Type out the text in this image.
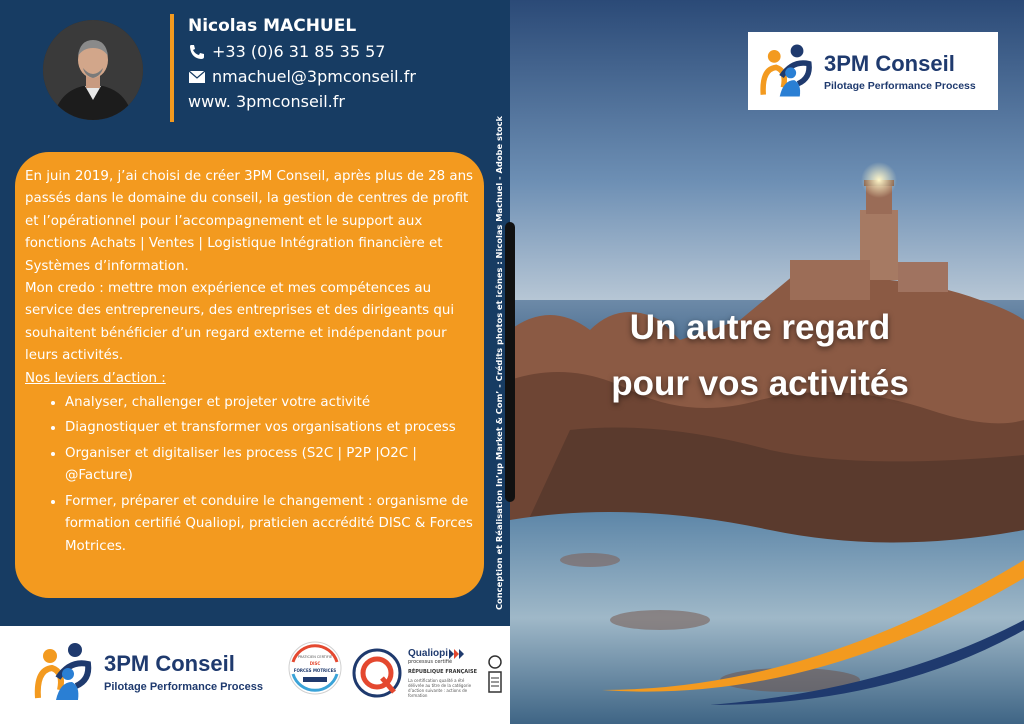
Nicolas MACHUEL
+33 (0)6 31 85 35 57
nmachuel@3pmconseil.fr
www. 3pmconseil.fr

En juin 2019, j’ai choisi de créer 3PM Conseil, après plus de 28 ans passés dans le domaine du conseil, la gestion de centres de profit et l’opérationnel pour l’accompagnement et le support aux fonctions Achats | Ventes | Logistique Intégration financière et Systèmes d’information.

Mon credo : mettre mon expérience et mes compétences au service des entrepreneurs, des entreprises et des dirigeants qui souhaitent bénéficier d’un regard externe et indépendant pour leurs activités.

Nos leviers d’action :

• Analyser, challenger et projeter votre activité
• Diagnostiquer et transformer vos organisations et process
• Organiser et digitaliser les process (S2C | P2P |O2C | @Facture)
• Former, préparer et conduire le changement : organisme de formation certifié Qualiopi, praticien accrédité DISC & Forces Motrices.	Conception et Réalisation In’up Market & Com’ - Crédits photos et icônes : Nicolas Machuel - Adobe stock
3PM Conseil
Pilotage Performance Process
PRATICIEN CERTIFIÉ
DISC
FORCES MOTRICES
Qualiopi
processus certifié
RÉPUBLIQUE FRANÇAISE
La certification qualité a été délivrée au titre de la catégorie d’action suivante : actions de formation
3PM Conseil
Pilotage Performance Process
Un autre regard
pour vos activités
